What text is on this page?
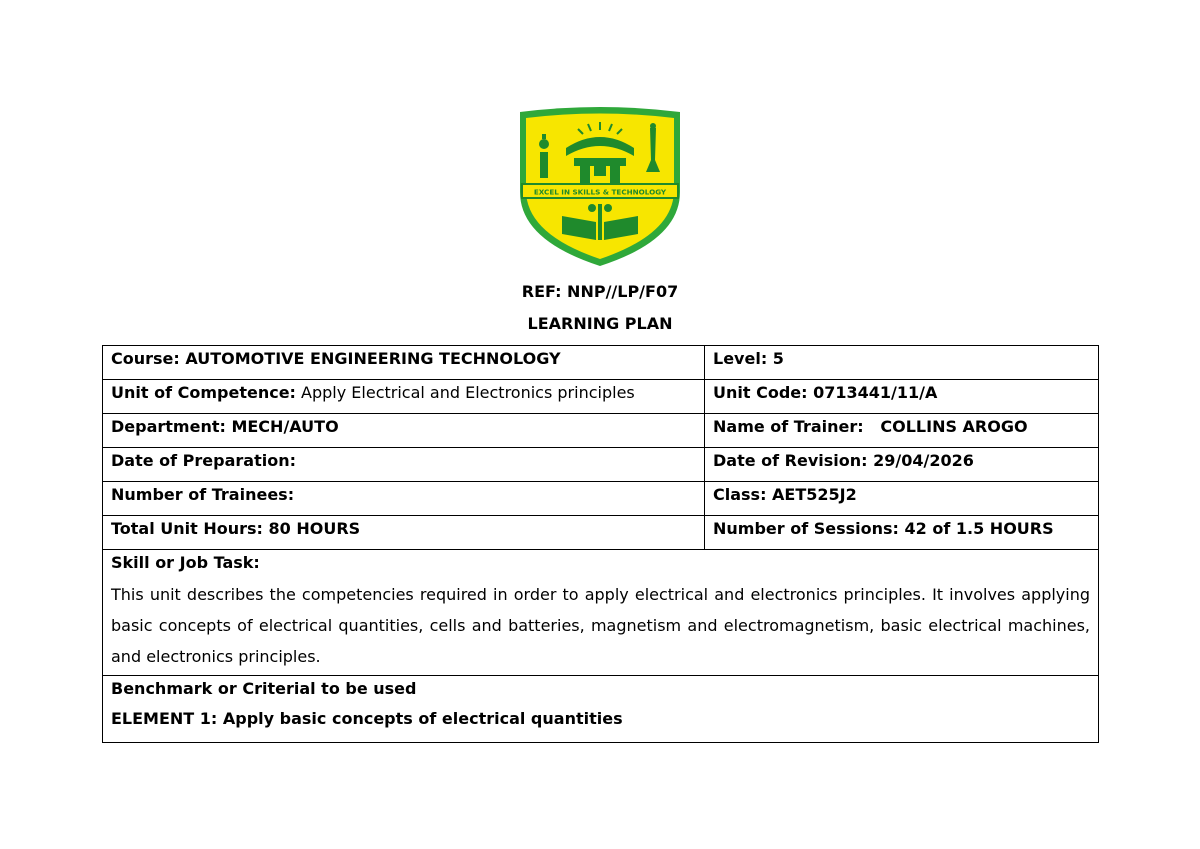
EXCEL IN SKILLS & TECHNOLOGY
REF: NNP//LP/F07
LEARNING PLAN
Course: AUTOMOTIVE ENGINEERING TECHNOLOGY	Level: 5
Unit of Competence: Apply Electrical and Electronics principles	Unit Code: 0713441/11/A
Department: MECH/AUTO	Name of Trainer:   COLLINS AROGO
Date of Preparation:	Date of Revision: 29/04/2026
Number of Trainees:	Class: AET525J2
Total Unit Hours: 80 HOURS	Number of Sessions: 42 of 1.5 HOURS

Skill or Job Task:
This unit describes the competencies required in order to apply electrical and electronics principles. It involves applying basic concepts of electrical quantities, cells and batteries, magnetism and electromagnetism, basic electrical machines, and electronics principles.	

Benchmark or Criterial to be used
ELEMENT 1: Apply basic concepts of electrical quantities	
